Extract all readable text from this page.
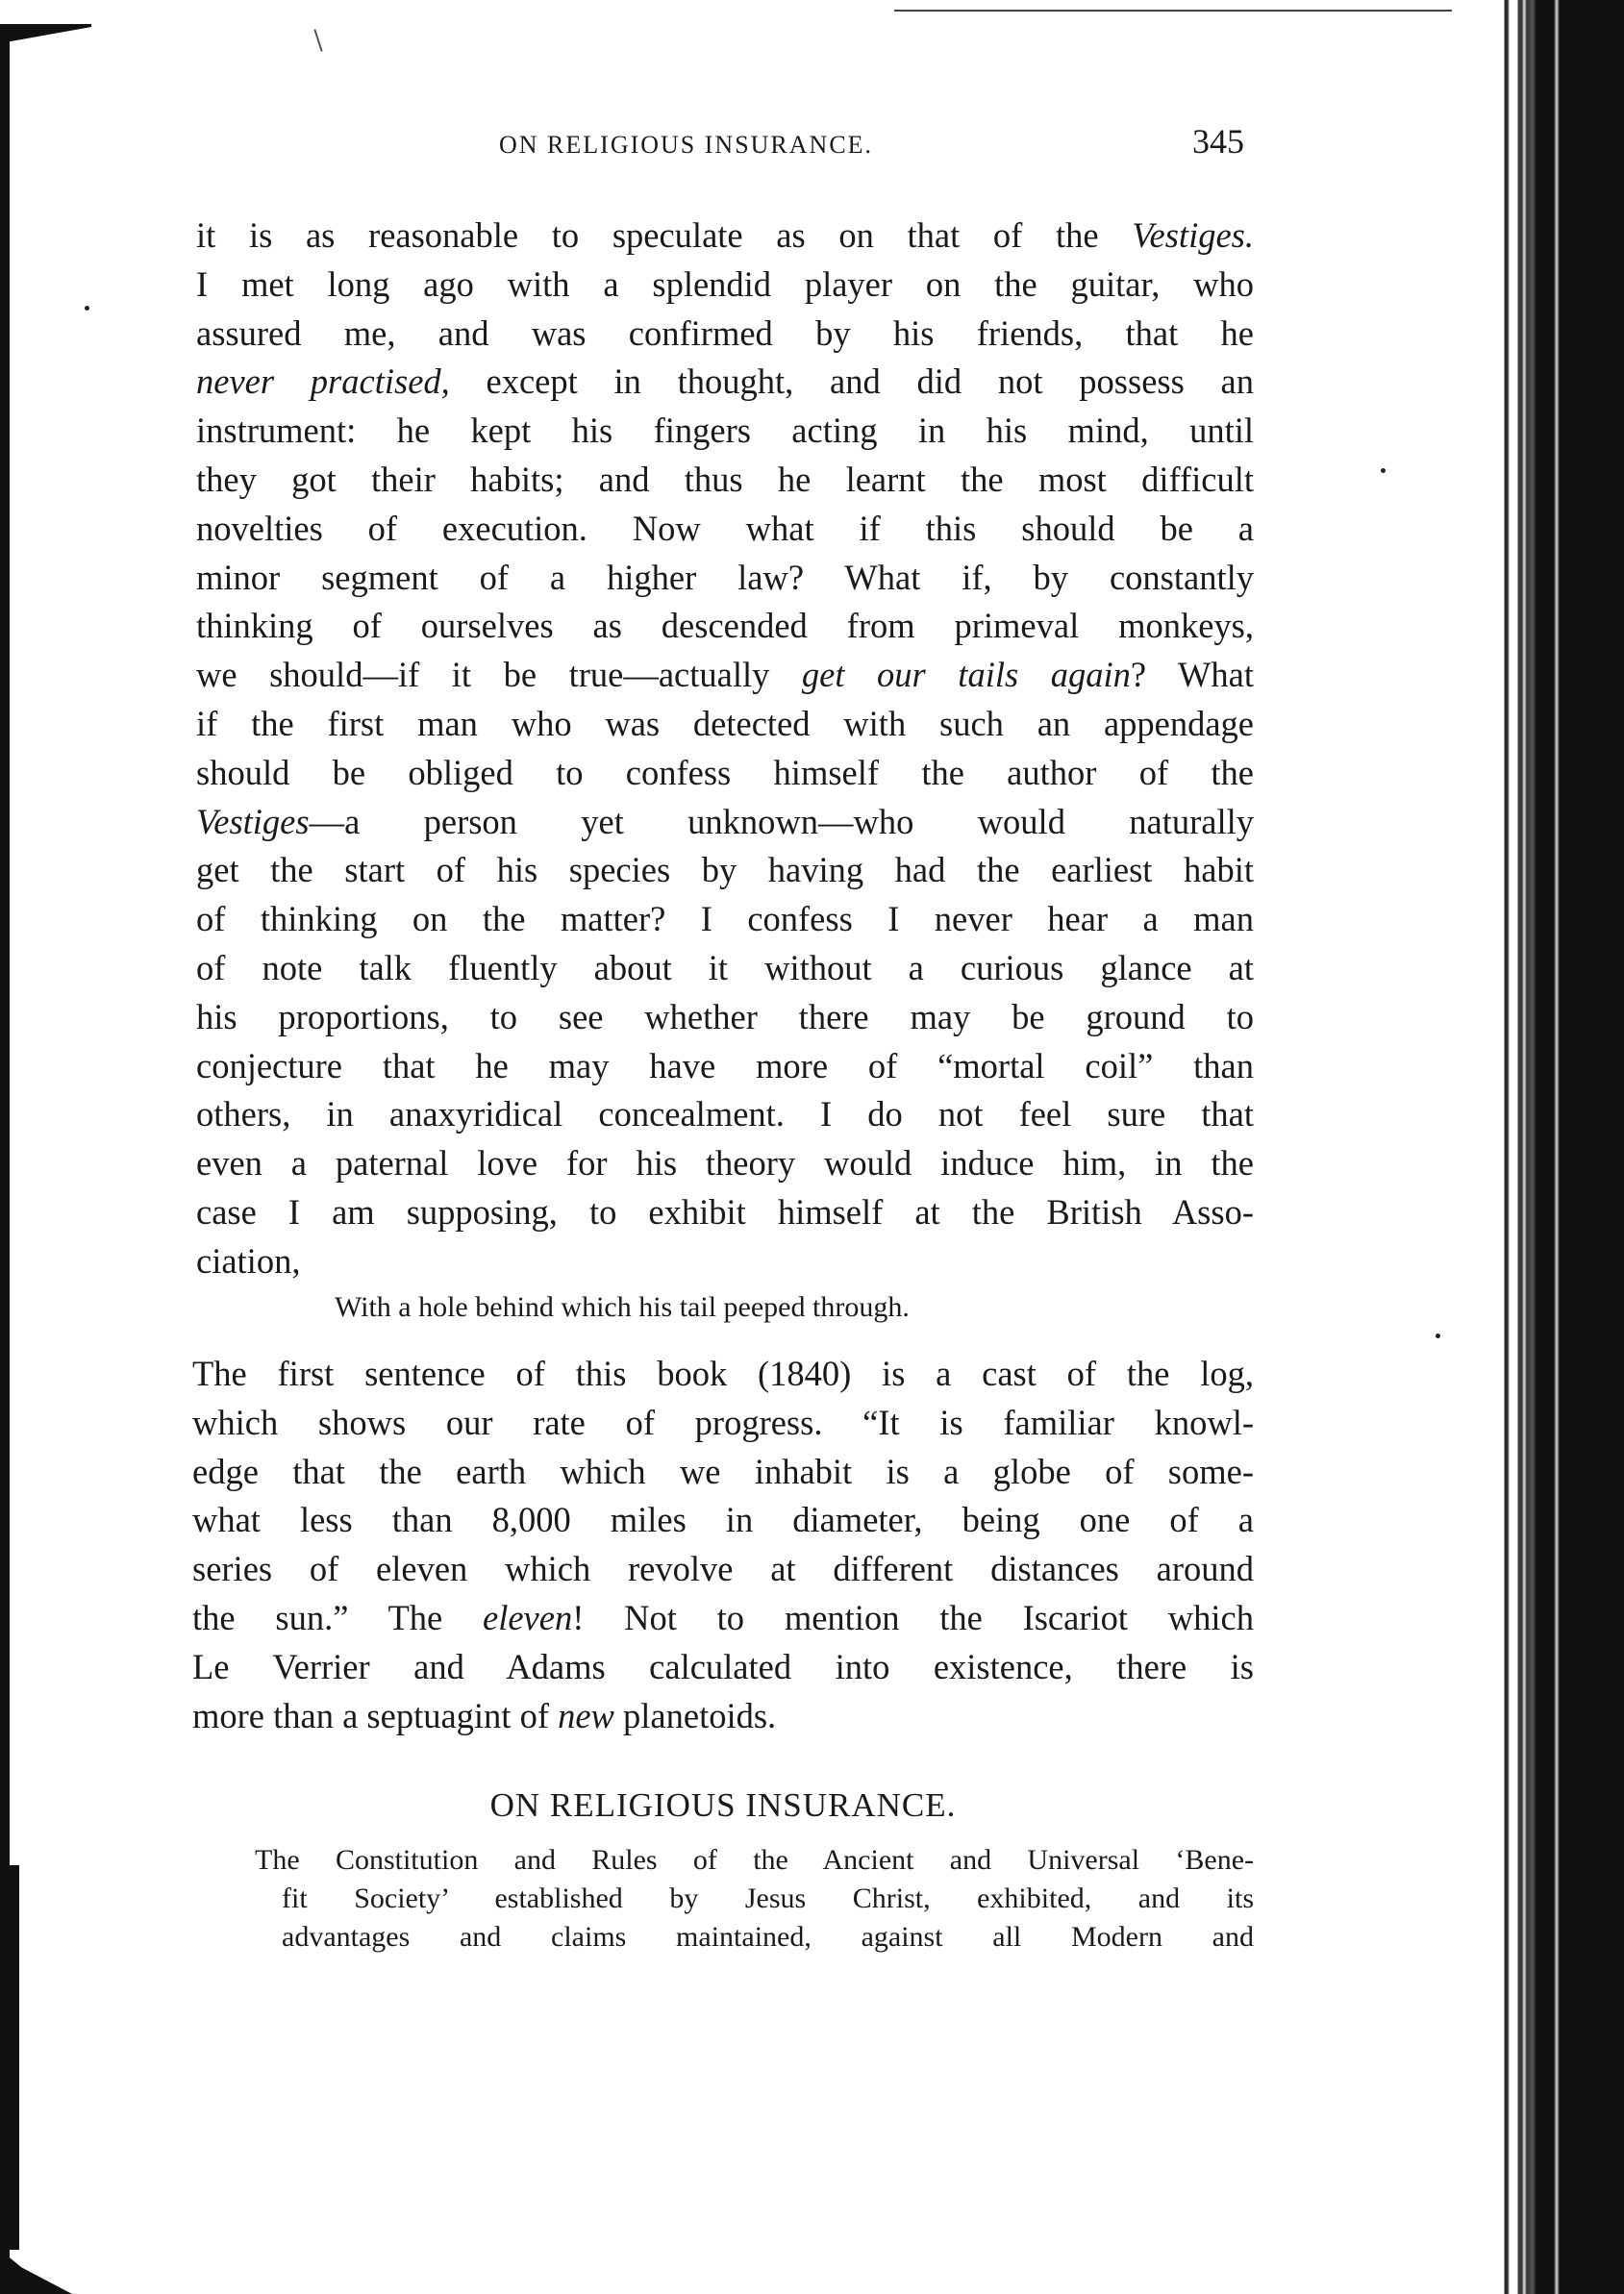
ON RELIGIOUS INSURANCE.	345
it is as reasonable to speculate as on that of the Vestiges.
I met long ago with a splendid player on the guitar, who
assured me, and was confirmed by his friends, that he
never practised, except in thought, and did not possess an
instrument: he kept his fingers acting in his mind, until
they got their habits; and thus he learnt the most difficult
novelties of execution. Now what if this should be a
minor segment of a higher law? What if, by constantly
thinking of ourselves as descended from primeval monkeys,
we should—if it be true—actually get our tails again? What
if the first man who was detected with such an appendage
should be obliged to confess himself the author of the
Vestiges—a person yet unknown—who would naturally
get the start of his species by having had the earliest habit
of thinking on the matter? I confess I never hear a man
of note talk fluently about it without a curious glance at
his proportions, to see whether there may be ground to
conjecture that he may have more of “mortal coil” than
others, in anaxyridical concealment. I do not feel sure that
even a paternal love for his theory would induce him, in the
case I am supposing, to exhibit himself at the British Asso-
ciation,
With a hole behind which his tail peeped through.
The first sentence of this book (1840) is a cast of the log,
which shows our rate of progress. “It is familiar knowl-
edge that the earth which we inhabit is a globe of some-
what less than 8,000 miles in diameter, being one of a
series of eleven which revolve at different distances around
the sun.” The eleven! Not to mention the Iscariot which
Le Verrier and Adams calculated into existence, there is
more than a septuagint of new planetoids.
ON RELIGIOUS INSURANCE.
The Constitution and Rules of the Ancient and Universal ‘Bene-
fit Society’ established by Jesus Christ, exhibited, and its
advantages and claims maintained, against all Modern and
